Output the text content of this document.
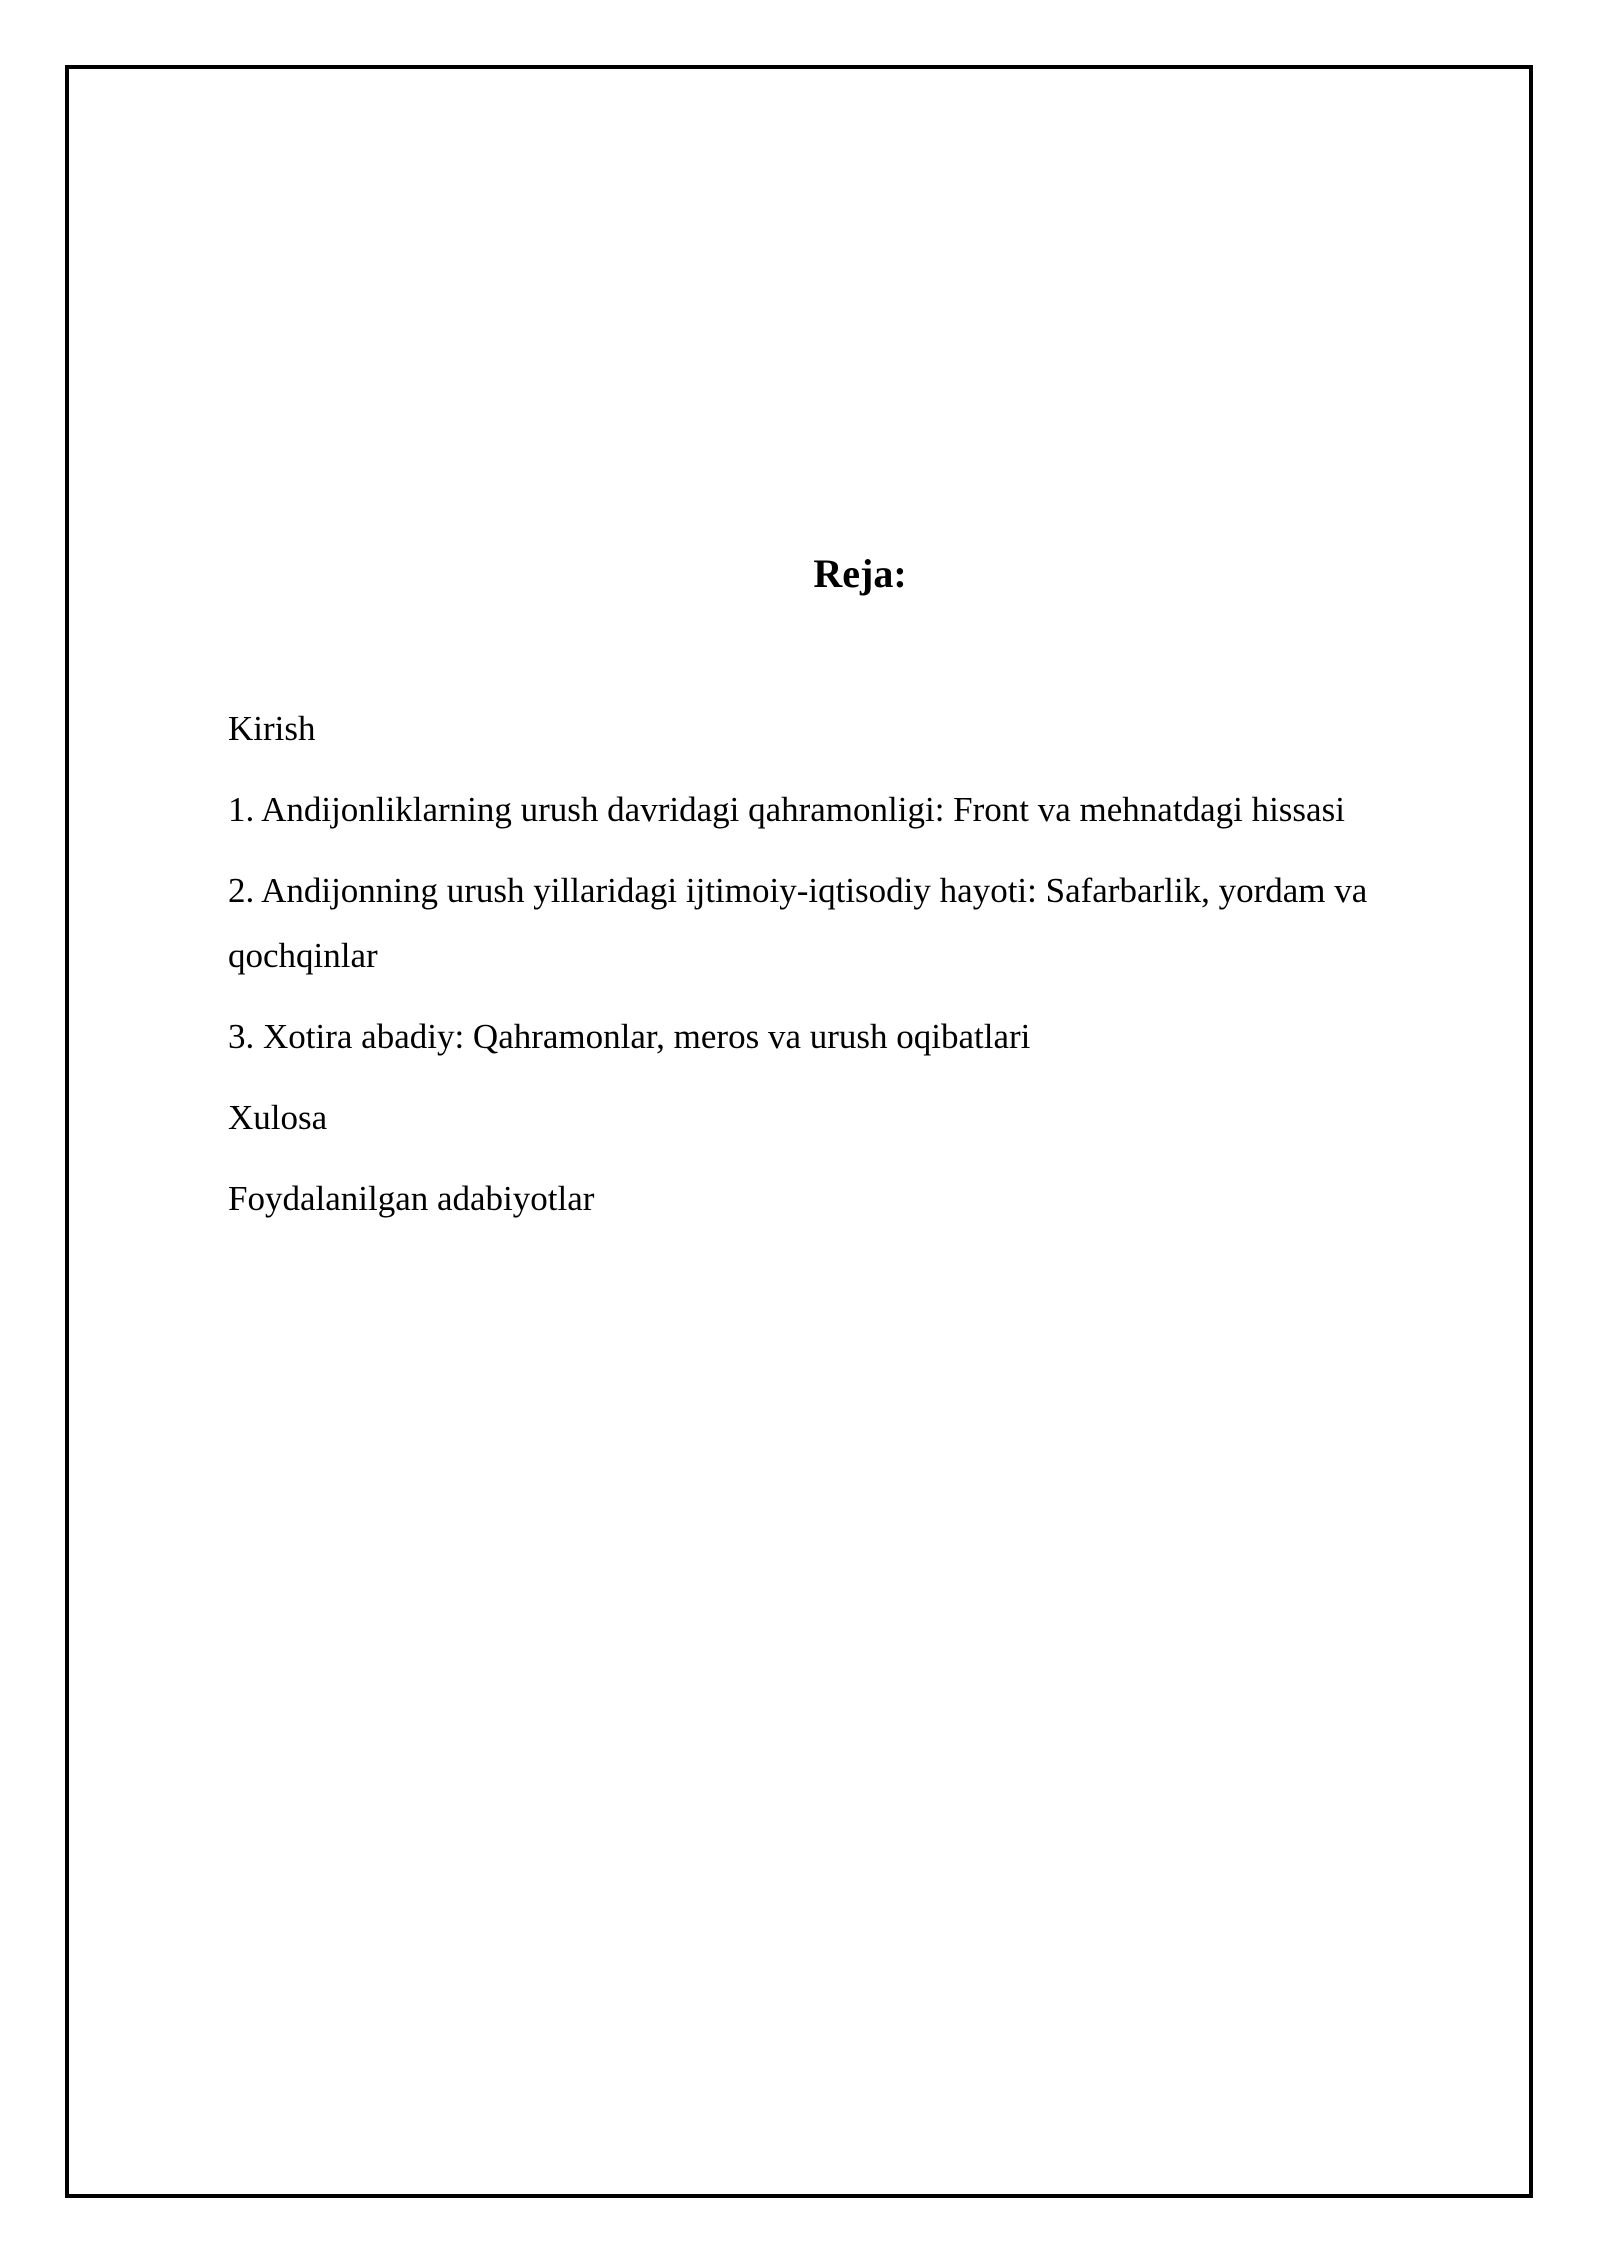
Reja:
Kirish
1. Andijonliklarning urush davridagi qahramonligi: Front va mehnatdagi hissasi
2. Andijonning urush yillaridagi ijtimoiy-iqtisodiy hayoti: Safarbarlik, yordam va qochqinlar
3. Xotira abadiy: Qahramonlar, meros va urush oqibatlari
Xulosa
Foydalanilgan adabiyotlar
